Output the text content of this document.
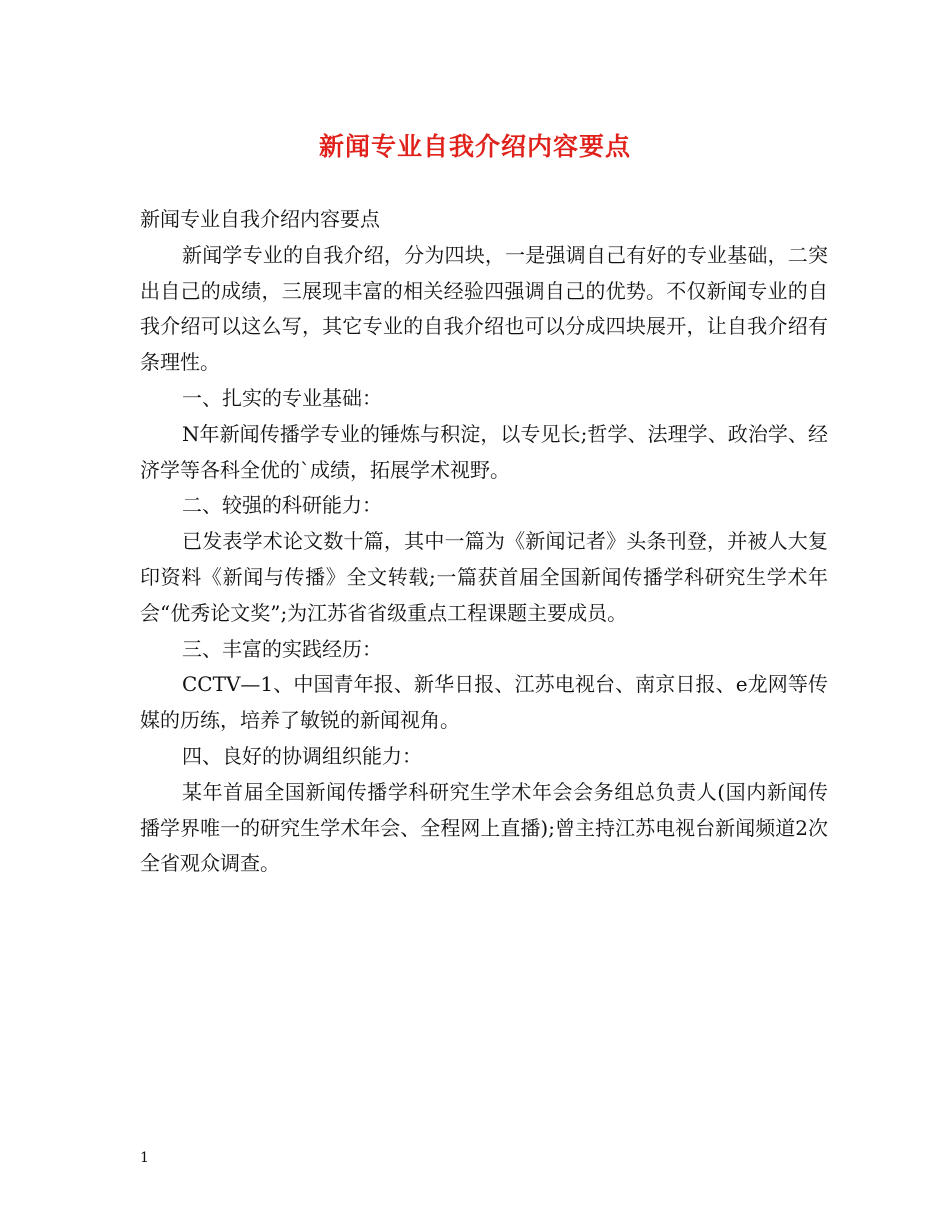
新闻专业自我介绍内容要点

新闻专业自我介绍内容要点

新闻学专业的自我介绍，分为四块，一是强调自己有好的专业基础，二突出自己的成绩，三展现丰富的相关经验四强调自己的优势。不仅新闻专业的自我介绍可以这么写，其它专业的自我介绍也可以分成四块展开，让自我介绍有条理性。

一、扎实的专业基础：

N年新闻传播学专业的锤炼与积淀，以专见长;哲学、法理学、政治学、经济学等各科全优的`成绩，拓展学术视野。

二、较强的科研能力：

已发表学术论文数十篇，其中一篇为《新闻记者》头条刊登，并被人大复印资料《新闻与传播》全文转载;一篇获首届全国新闻传播学科研究生学术年会“优秀论文奖”;为江苏省省级重点工程课题主要成员。

三、丰富的实践经历：

CCTV—1、中国青年报、新华日报、江苏电视台、南京日报、e龙网等传媒的历练，培养了敏锐的新闻视角。

四、良好的协调组织能力：

某年首届全国新闻传播学科研究生学术年会会务组总负责人(国内新闻传播学界唯一的研究生学术年会、全程网上直播);曾主持江苏电视台新闻频道2次全省观众调查。

1
